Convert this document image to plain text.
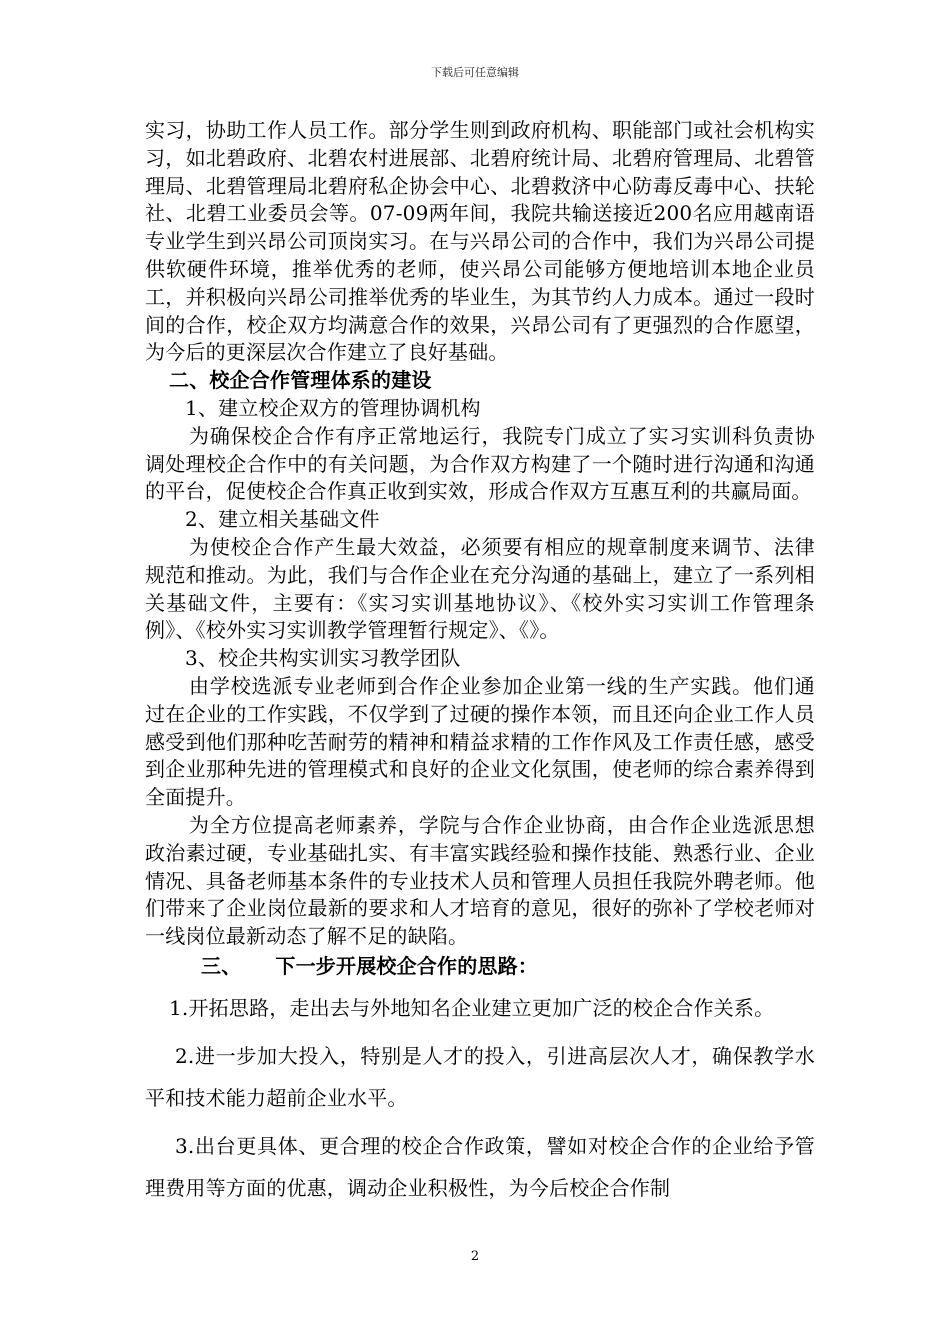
下载后可任意编辑

实习，协助工作人员工作。部分学生则到政府机构、职能部门或社会机构实习，如北碧政府、北碧农村进展部、北碧府统计局、北碧府管理局、北碧管理局、北碧管理局北碧府私企协会中心、北碧救济中心防毒反毒中心、扶轮社、北碧工业委员会等。07-09两年间，我院共输送接近200名应用越南语专业学生到兴昂公司顶岗实习。在与兴昂公司的合作中，我们为兴昂公司提供软硬件环境，推举优秀的老师，使兴昂公司能够方便地培训本地企业员工，并积极向兴昂公司推举优秀的毕业生，为其节约人力成本。通过一段时间的合作，校企双方均满意合作的效果，兴昂公司有了更强烈的合作愿望，为今后的更深层次合作建立了良好基础。

二、校企合作管理体系的建设

1、建立校企双方的管理协调机构

为确保校企合作有序正常地运行，我院专门成立了实习实训科负责协调处理校企合作中的有关问题，为合作双方构建了一个随时进行沟通和沟通的平台，促使校企合作真正收到实效，形成合作双方互惠互利的共赢局面。

2、建立相关基础文件

为使校企合作产生最大效益，必须要有相应的规章制度来调节、法律规范和推动。为此，我们与合作企业在充分沟通的基础上，建立了一系列相关基础文件，主要有：《实习实训基地协议》、《校外实习实训工作管理条例》、《校外实习实训教学管理暂行规定》、《》。

3、校企共构实训实习教学团队

由学校选派专业老师到合作企业参加企业第一线的生产实践。他们通过在企业的工作实践，不仅学到了过硬的操作本领，而且还向企业工作人员感受到他们那种吃苦耐劳的精神和精益求精的工作作风及工作责任感，感受到企业那种先进的管理模式和良好的企业文化氛围，使老师的综合素养得到全面提升。

为全方位提高老师素养，学院与合作企业协商，由合作企业选派思想政治素过硬，专业基础扎实、有丰富实践经验和操作技能、熟悉行业、企业情况、具备老师基本条件的专业技术人员和管理人员担任我院外聘老师。他们带来了企业岗位最新的要求和人才培育的意见，很好的弥补了学校老师对一线岗位最新动态了解不足的缺陷。

三、 下一步开展校企合作的思路：

1.开拓思路，走出去与外地知名企业建立更加广泛的校企合作关系。

2.进一步加大投入，特别是人才的投入，引进高层次人才，确保教学水平和技术能力超前企业水平。

3.出台更具体、更合理的校企合作政策，譬如对校企合作的企业给予管理费用等方面的优惠，调动企业积极性，为今后校企合作制

2
